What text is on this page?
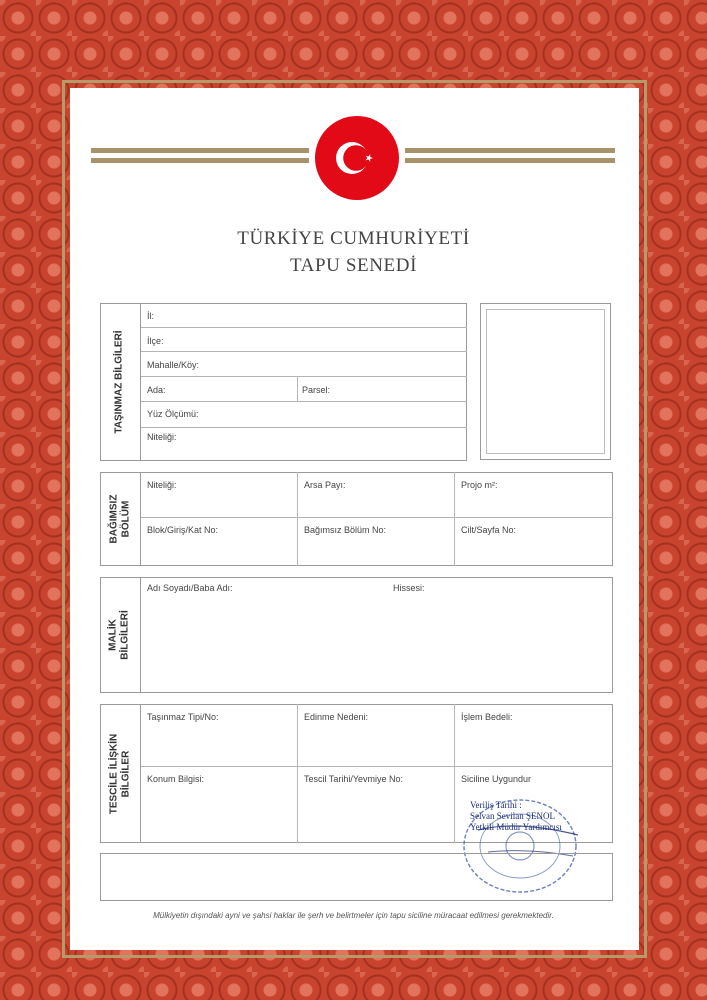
TÜRKİYE CUMHURİYETİ
TAPU SENEDİ
TAŞINMAZ BİLGİLERİ
İl:
İlçe:
Mahalle/Köy:
Ada:	Parsel:
Yüz Ölçümü:
Niteliği:
BAĞIMSIZ
BÖLÜM
Niteliği:	Arsa Payı:	Projo m²:
Blok/Giriş/Kat No:	Bağımsız Bölüm No:	Cilt/Sayfa No:
MALİK
BİLGİLERİ
Adı Soyadı/Baba Adı:	Hissesi:
TESCİLE İLİŞKİN
BİLGİLER
Taşınmaz Tipi/No:	Edinme Nedeni:	İşlem Bedeli:
Konum Bilgisi:	Tescil Tarihi/Yevmiye No:	Siciline Uygundur
Veriliş Tarihi :
Selvan Sevilan ŞENOL
Yetkili Müdür Yardımcısı
Mülkiyetin dışındaki ayni ve şahsi haklar ile şerh ve belirtmeler için tapu siciline müracaat edilmesi gerekmektedir.
